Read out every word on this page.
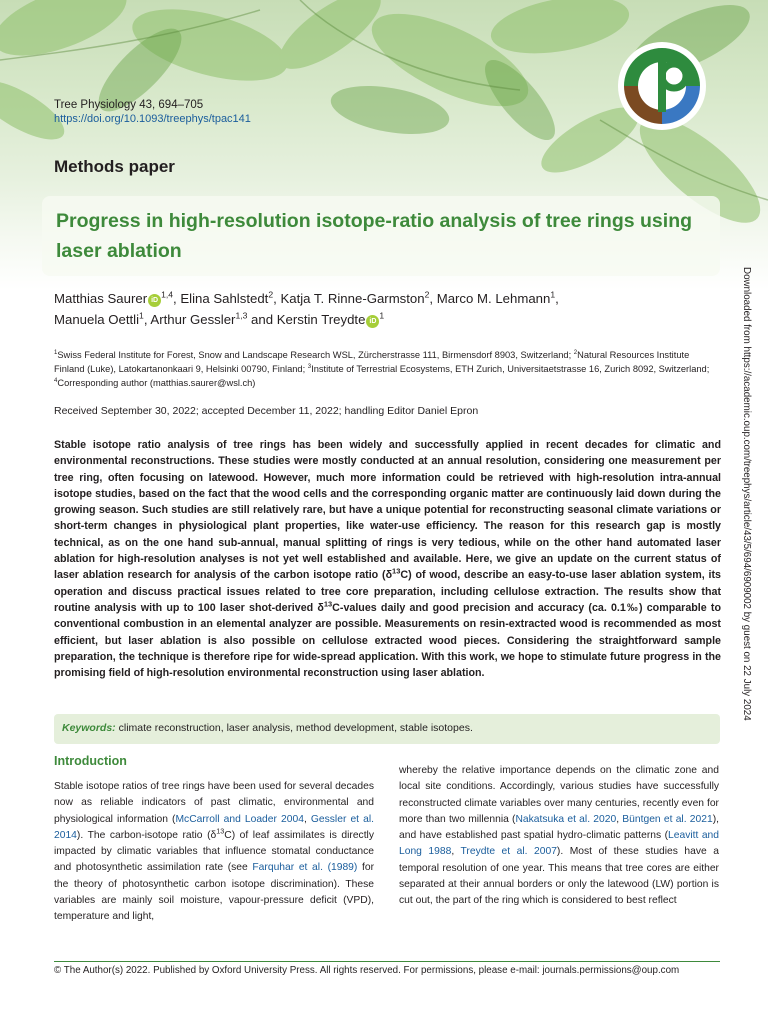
Tree Physiology 43, 694–705
https://doi.org/10.1093/treephys/tpac141
Methods paper
Progress in high-resolution isotope-ratio analysis of tree rings using laser ablation
Matthias Saurer iD$^{1,4}$, Elina Sahlstedt$^2$, Katja T. Rinne-Garmston$^2$, Marco M. Lehmann$^1$,
Manuela Oettli$^1$, Arthur Gessler$^{1,3}$ and Kerstin Treydte $iD^1$
$^1$Swiss Federal Institute for Forest, Snow and Landscape Research WSL, Zürcherstrasse 111, Birmensdorf 8903, Switzerland; $^2$Natural Resources Institute Finland (Luke), Latokartanonkaari 9, Helsinki 00790, Finland; $^3$Institute of Terrestrial Ecosystems, ETH Zurich, Universitaetstrasse 16, Zurich 8092, Switzerland; $^4$Corresponding author (matthias.saurer@wsl.ch)
Received September 30, 2022; accepted December 11, 2022; handling Editor Daniel Epron
Stable isotope ratio analysis of tree rings has been widely and successfully applied in recent decades for climatic and environmental reconstructions. These studies were mostly conducted at an annual resolution, considering one measurement per tree ring, often focusing on latewood. However, much more information could be retrieved with high-resolution intra-annual isotope studies, based on the fact that the wood cells and the corresponding organic matter are continuously laid down during the growing season. Such studies are still relatively rare, but have a unique potential for reconstructing seasonal climate variations or short-term changes in physiological plant properties, like water-use efficiency. The reason for this research gap is mostly technical, as on the one hand sub-annual, manual splitting of rings is very tedious, while on the other hand automated laser ablation for high-resolution analyses is not yet well established and available. Here, we give an update on the current status of laser ablation research for analysis of the carbon isotope ratio $(\delta^{13}C)$ of wood, describe an easy-to-use laser ablation system, its operation and discuss practical issues related to tree core preparation, including cellulose extraction. The results show that routine analysis with up to 100 laser shot-derived $\delta^{13}C$-values daily and good precision and accuracy (ca. 0.1‰) comparable to conventional combustion in an elemental analyzer are possible. Measurements on resin-extracted wood is recommended as most efficient, but laser ablation is also possible on cellulose extracted wood pieces. Considering the straightforward sample preparation, the technique is therefore ripe for wide-spread application. With this work, we hope to stimulate future progress in the promising field of high-resolution environmental reconstruction using laser ablation.
Keywords: climate reconstruction, laser analysis, method development, stable isotopes.
Introduction
Stable isotope ratios of tree rings have been used for several decades now as reliable indicators of past climatic, environmental and physiological information (McCarroll and Loader 2004, Gessler et al. 2014). The carbon-isotope ratio $(\delta^{13}C)$ of leaf assimilates is directly impacted by climatic variables that influence stomatal conductance and photosynthetic assimilation rate (see Farquhar et al. (1989) for the theory of photosynthetic carbon isotope discrimination). These variables are mainly soil moisture, vapour-pressure deficit (VPD), temperature and light,
whereby the relative importance depends on the climatic zone and local site conditions. Accordingly, various studies have successfully reconstructed climate variables over many centuries, recently even for more than two millennia (Nakatsuka et al. 2020, Büntgen et al. 2021), and have established past spatial hydro-climatic patterns (Leavitt and Long 1988, Treydte et al. 2007). Most of these studies have a temporal resolution of one year. This means that tree cores are either separated at their annual borders or only the latewood (LW) portion is cut out, the part of the ring which is considered to best reflect
© The Author(s) 2022. Published by Oxford University Press. All rights reserved. For permissions, please e-mail: journals.permissions@oup.com
Downloaded from https://academic.oup.com/treephys/article/43/5/694/6909002 by guest on 22 July 2024
